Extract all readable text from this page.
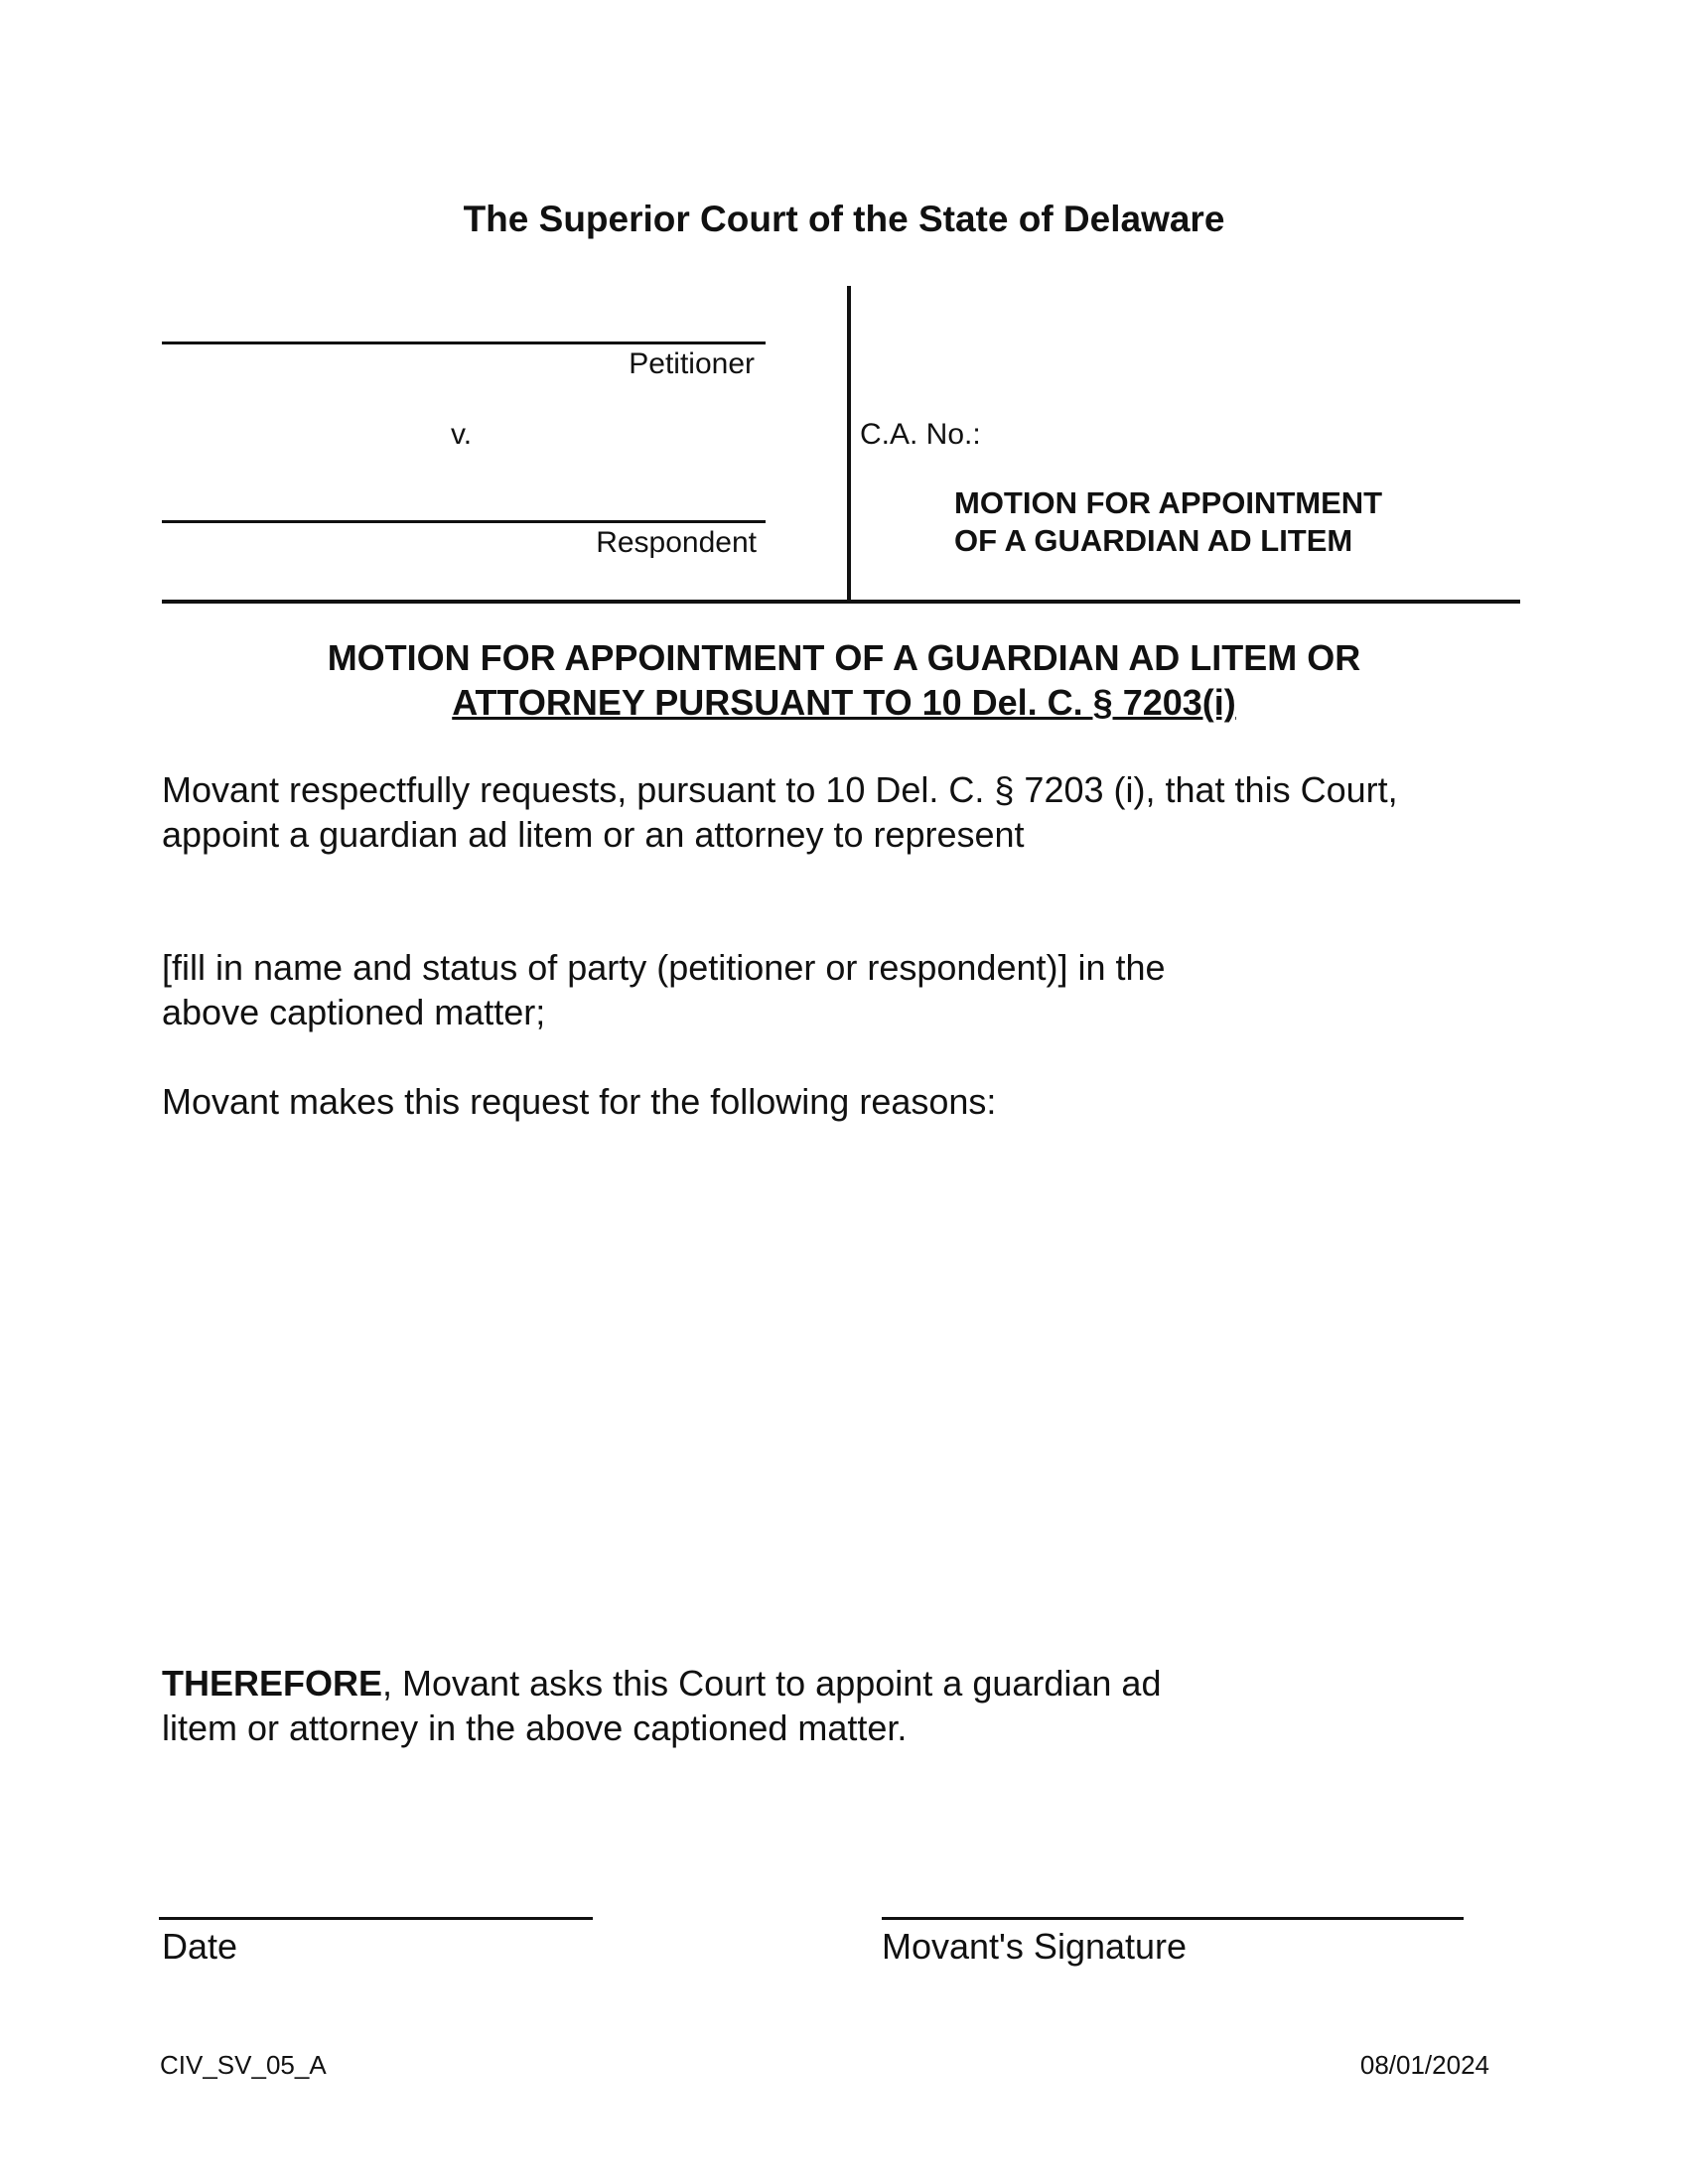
The Superior Court of the State of Delaware
Petitioner
v.
Respondent
C.A. No.:
MOTION FOR APPOINTMENT
OF A GUARDIAN AD LITEM
MOTION FOR APPOINTMENT OF A GUARDIAN AD LITEM OR
ATTORNEY PURSUANT TO 10 Del. C. § 7203(i)
Movant respectfully requests, pursuant to 10 Del. C. § 7203 (i), that this Court,
appoint a guardian ad litem or an attorney to represent
[fill in name and status of party (petitioner or respondent)] in the
above captioned matter;
Movant makes this request for the following reasons:
THEREFORE, Movant asks this Court to appoint a guardian ad
litem or attorney in the above captioned matter.
Date	Movant's Signature
CIV_SV_05_A	08/01/2024
